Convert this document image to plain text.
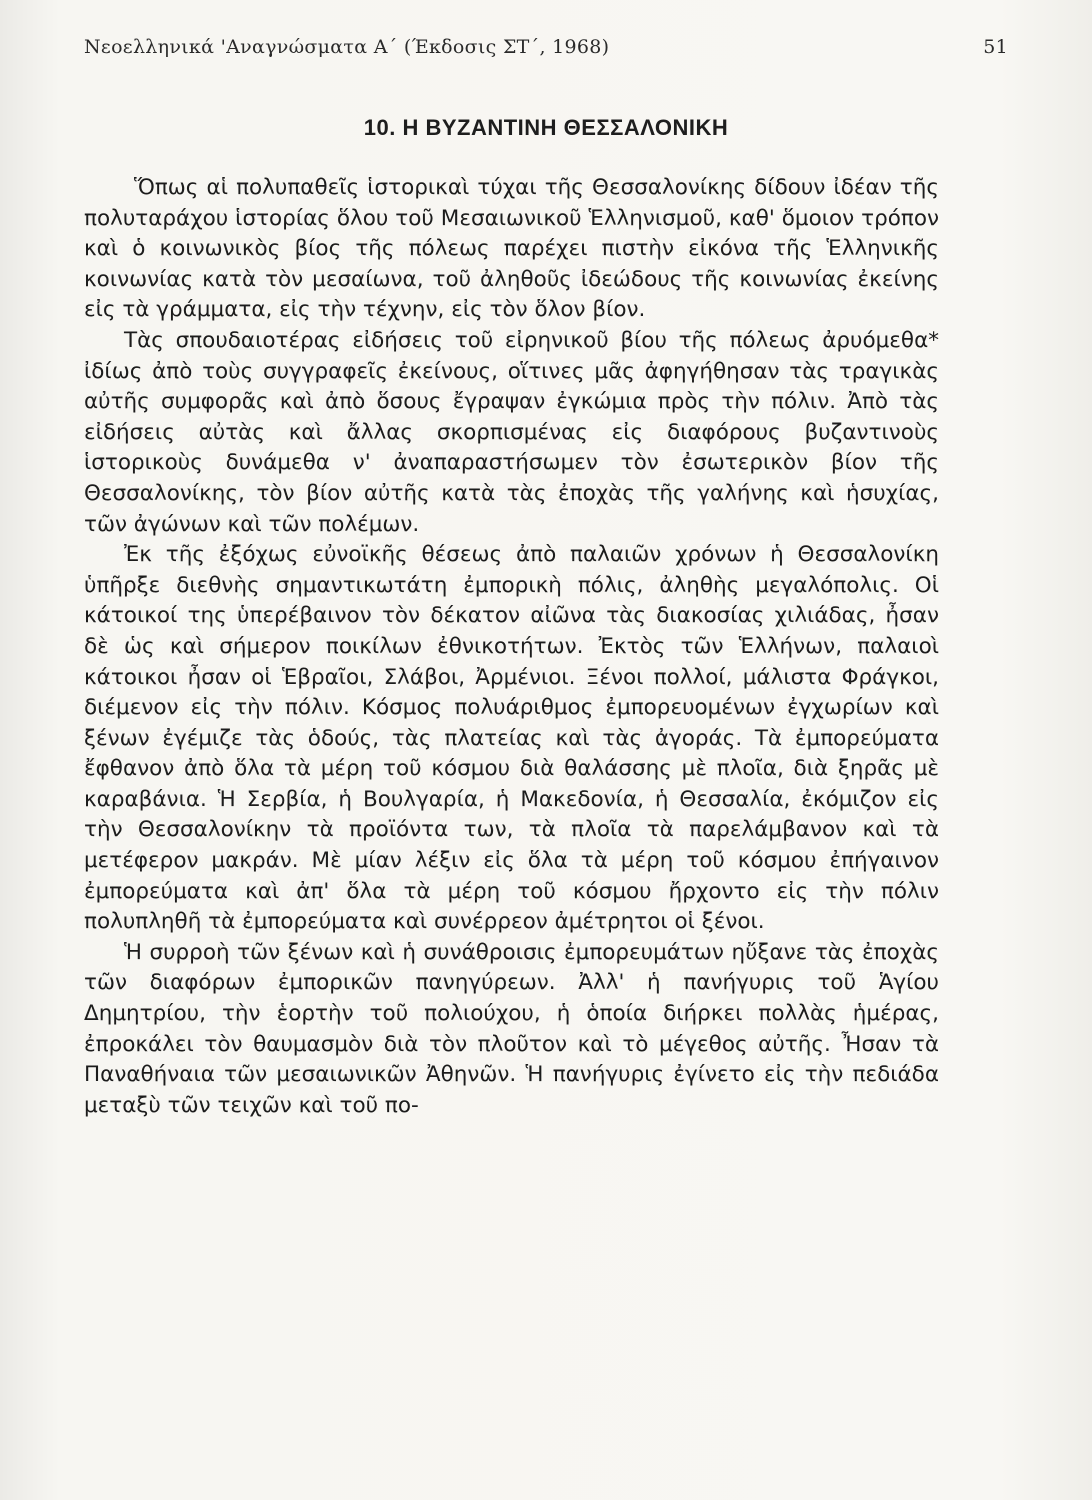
Νεοελληνικά 'Αναγνώσματα Α΄ (Έκδοσις ΣΤ΄, 1968)	51
10. Η ΒΥΖΑΝΤΙΝΗ ΘΕΣΣΑΛΟΝΙΚΗ

Ὅπως αἱ πολυπαθεῖς ἱστορικαὶ τύχαι τῆς Θεσσαλονίκης δίδουν ἰδέαν τῆς πολυταράχου ἱστορίας ὅλου τοῦ Μεσαιωνικοῦ Ἑλληνισμοῦ, καθ' ὅμοιον τρόπον καὶ ὁ κοινωνικὸς βίος τῆς πόλεως παρέχει πιστὴν εἰκόνα τῆς Ἑλληνικῆς κοινωνίας κατὰ τὸν μεσαίωνα, τοῦ ἀληθοῦς ἰδεώδους τῆς κοινωνίας ἐκείνης εἰς τὰ γράμματα, εἰς τὴν τέχνην, εἰς τὸν ὅλον βίον.

Τὰς σπουδαιοτέρας εἰδήσεις τοῦ εἰρηνικοῦ βίου τῆς πόλεως ἀρυόμεθα* ἰδίως ἀπὸ τοὺς συγγραφεῖς ἐκείνους, οἵτινες μᾶς ἀφηγήθησαν τὰς τραγικὰς αὐτῆς συμφορᾶς καὶ ἀπὸ ὅσους ἔγραψαν ἐγκώμια πρὸς τὴν πόλιν. Ἀπὸ τὰς εἰδήσεις αὐτὰς καὶ ἄλλας σκορπισμένας εἰς διαφόρους βυζαντινοὺς ἱστορικοὺς δυνάμεθα ν' ἀναπαραστήσωμεν τὸν ἐσωτερικὸν βίον τῆς Θεσσαλονίκης, τὸν βίον αὐτῆς κατὰ τὰς ἐποχὰς τῆς γαλήνης καὶ ἡσυχίας, τῶν ἀγώνων καὶ τῶν πολέμων.

Ἐκ τῆς ἐξόχως εὐνοϊκῆς θέσεως ἀπὸ παλαιῶν χρόνων ἡ Θεσσαλονίκη ὑπῆρξε διεθνὴς σημαντικωτάτη ἐμπορικὴ πόλις, ἀληθὴς μεγαλόπολις. Οἱ κάτοικοί της ὑπερέβαινον τὸν δέκατον αἰῶνα τὰς διακοσίας χιλιάδας, ἦσαν δὲ ὡς καὶ σήμερον ποικίλων ἐθνικοτήτων. Ἐκτὸς τῶν Ἑλλήνων, παλαιοὶ κάτοικοι ἦσαν οἱ Ἑβραῖοι, Σλάβοι, Ἀρμένιοι. Ξένοι πολλοί, μάλιστα Φράγκοι, διέμενον εἰς τὴν πόλιν. Κόσμος πολυάριθμος ἐμπορευομένων ἐγχωρίων καὶ ξένων ἐγέμιζε τὰς ὁδούς, τὰς πλατείας καὶ τὰς ἀγοράς. Τὰ ἐμπορεύματα ἔφθανον ἀπὸ ὅλα τὰ μέρη τοῦ κόσμου διὰ θαλάσσης μὲ πλοῖα, διὰ ξηρᾶς μὲ καραβάνια. Ἡ Σερβία, ἡ Βουλγαρία, ἡ Μακεδονία, ἡ Θεσσαλία, ἐκόμιζον εἰς τὴν Θεσσαλονίκην τὰ προϊόντα των, τὰ πλοῖα τὰ παρελάμβανον καὶ τὰ μετέφερον μακράν. Μὲ μίαν λέξιν εἰς ὅλα τὰ μέρη τοῦ κόσμου ἐπήγαινον ἐμπορεύματα καὶ ἀπ' ὅλα τὰ μέρη τοῦ κόσμου ἤρχοντο εἰς τὴν πόλιν πολυπληθῆ τὰ ἐμπορεύματα καὶ συνέρρεον ἀμέτρητοι οἱ ξένοι.

Ἡ συρροὴ τῶν ξένων καὶ ἡ συνάθροισις ἐμπορευμάτων ηὔξανε τὰς ἐποχὰς τῶν διαφόρων ἐμπορικῶν πανηγύρεων. Ἀλλ' ἡ πανήγυρις τοῦ Ἁγίου Δημητρίου, τὴν ἑορτὴν τοῦ πολιούχου, ἡ ὁποία διήρκει πολλὰς ἡμέρας, ἐπροκάλει τὸν θαυμασμὸν διὰ τὸν πλοῦτον καὶ τὸ μέγεθος αὐτῆς. Ἦσαν τὰ Παναθήναια τῶν μεσαιωνικῶν Ἀθηνῶν. Ἡ πανήγυρις ἐγίνετο εἰς τὴν πεδιάδα μεταξὺ τῶν τειχῶν καὶ τοῦ πο-
